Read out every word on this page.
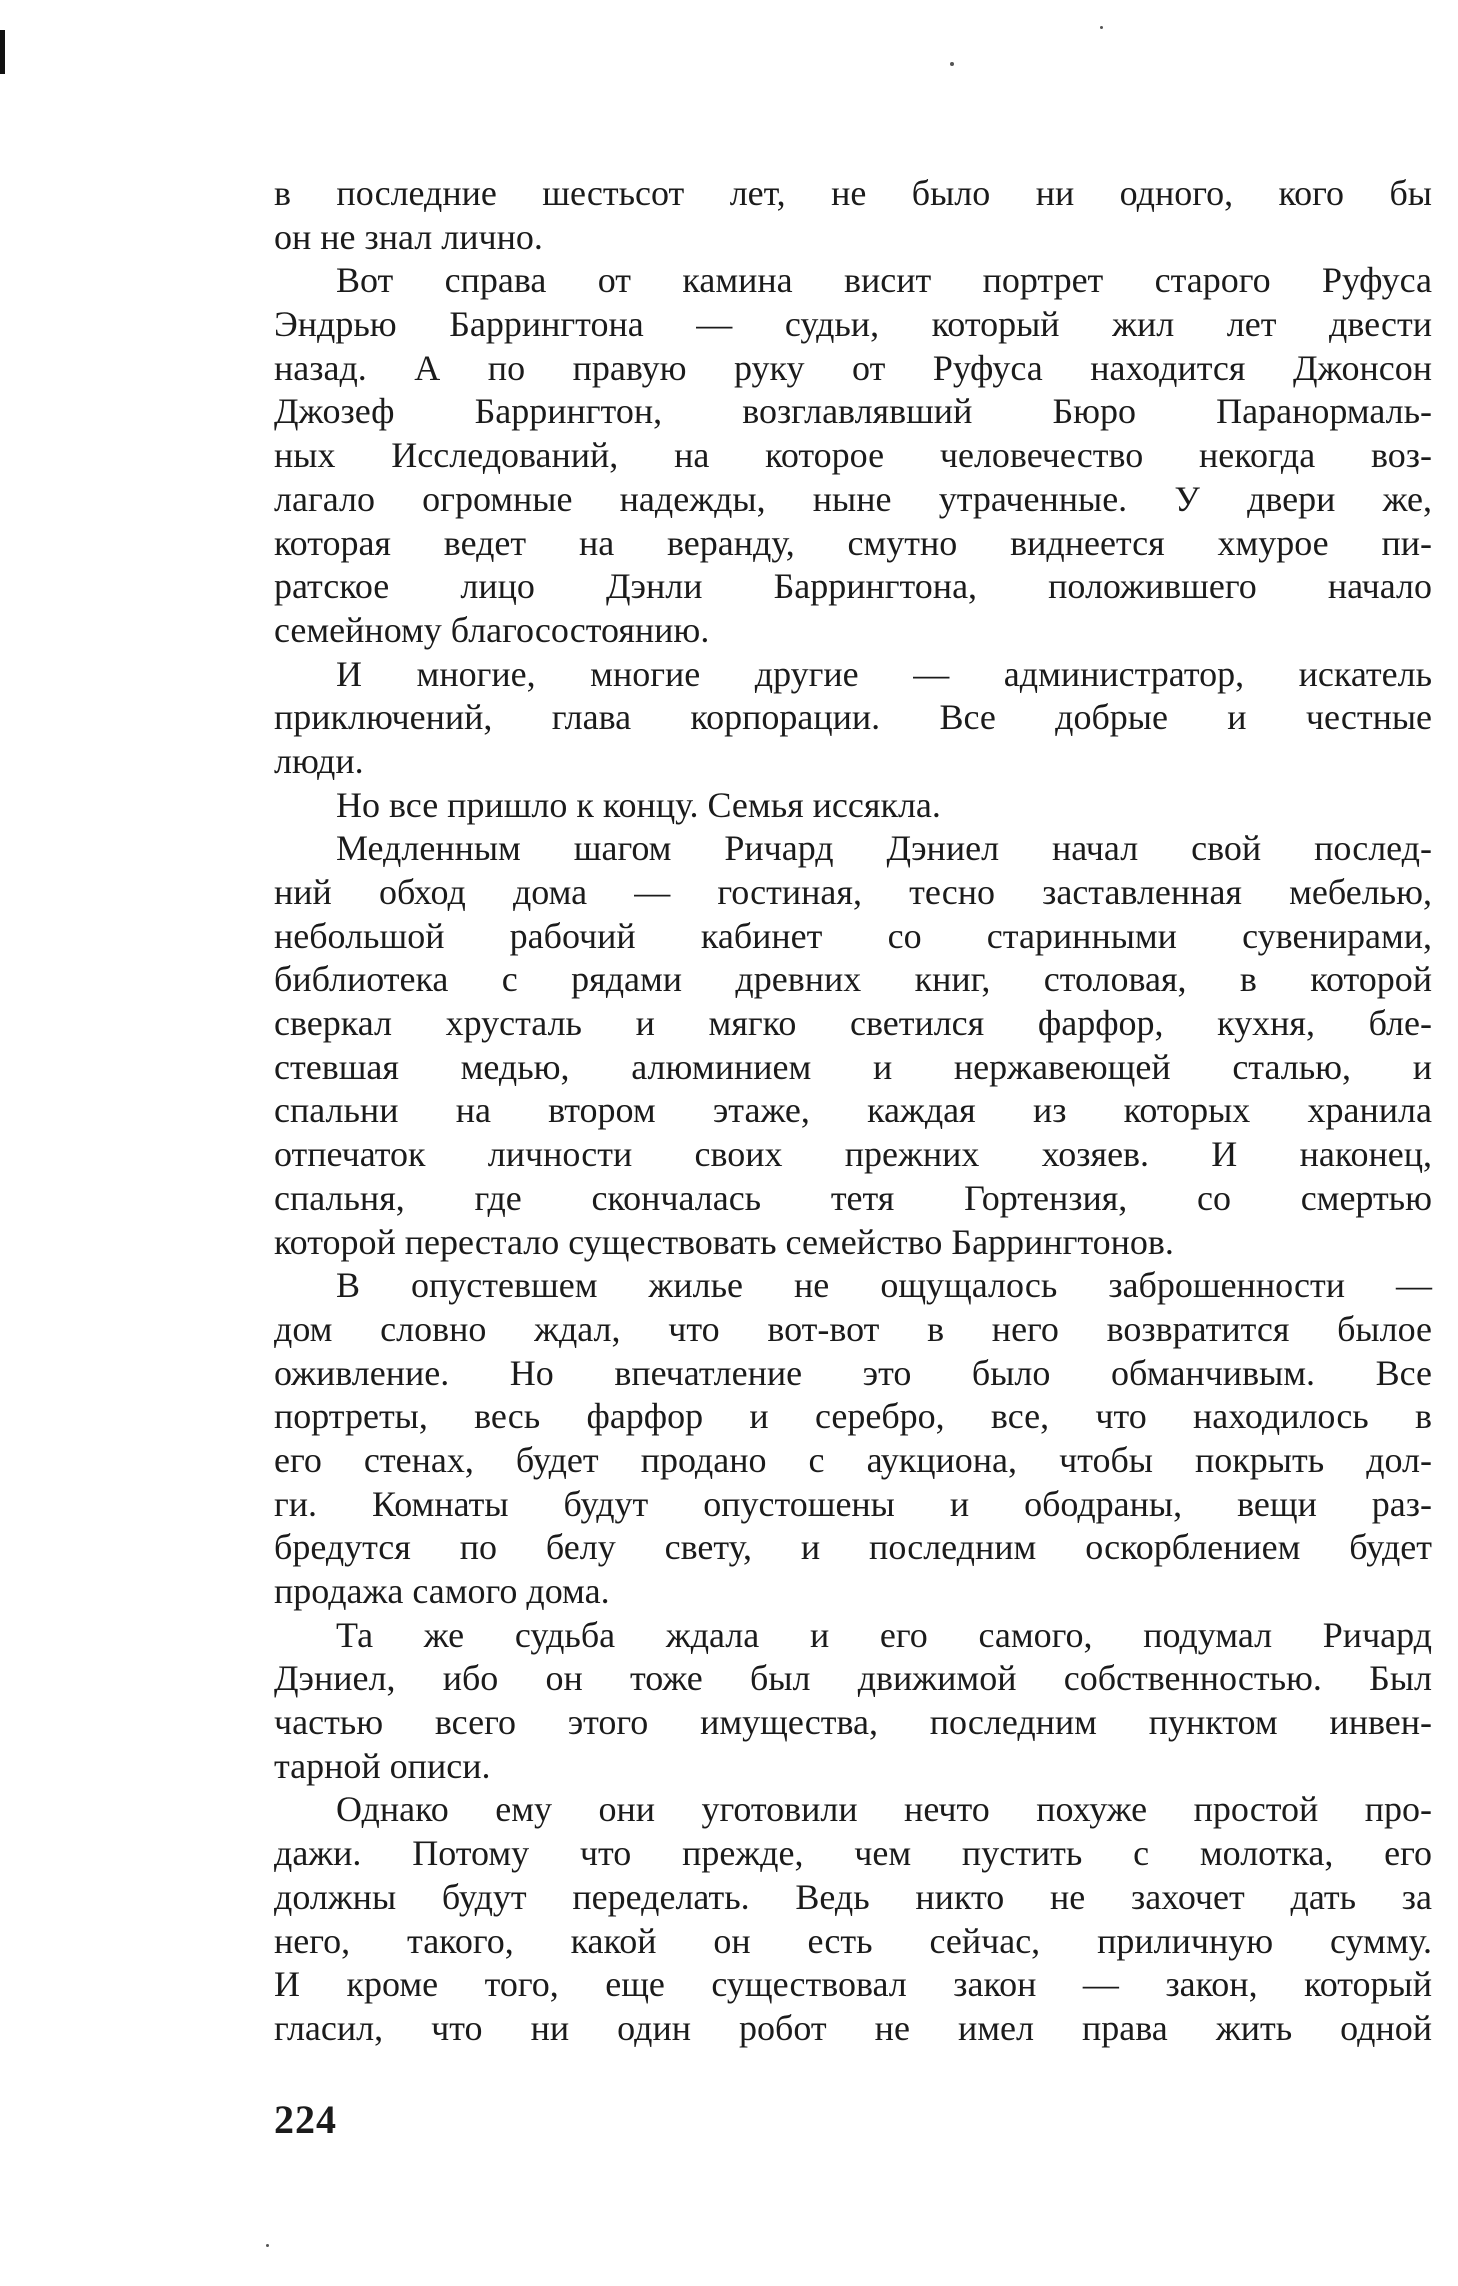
в последние шестьсот лет, не было ни одного, кого бы
он не знал лично.
Вот справа от камина висит портрет старого Руфуса
Эндрью Баррингтона — судьи, который жил лет двести
назад. А по правую руку от Руфуса находится Джонсон
Джозеф Баррингтон, возглавлявший Бюро Паранормаль-
ных Исследований, на которое человечество некогда воз-
лагало огромные надежды, ныне утраченные. У двери же,
которая ведет на веранду, смутно виднеется хмурое пи-
ратское лицо Дэнли Баррингтона, положившего начало
семейному благосостоянию.
И многие, многие другие — администратор, искатель
приключений, глава корпорации. Все добрые и честные
люди.
Но все пришло к концу. Семья иссякла.
Медленным шагом Ричард Дэниел начал свой послед-
ний обход дома — гостиная, тесно заставленная мебелью,
небольшой рабочий кабинет со старинными сувенирами,
библиотека с рядами древних книг, столовая, в которой
сверкал хрусталь и мягко светился фарфор, кухня, бле-
стевшая медью, алюминием и нержавеющей сталью, и
спальни на втором этаже, каждая из которых хранила
отпечаток личности своих прежних хозяев. И наконец,
спальня, где скончалась тетя Гортензия, со смертью
которой перестало существовать семейство Баррингтонов.
В опустевшем жилье не ощущалось заброшенности —
дом словно ждал, что вот-вот в него возвратится былое
оживление. Но впечатление это было обманчивым. Все
портреты, весь фарфор и серебро, все, что находилось в
его стенах, будет продано с аукциона, чтобы покрыть дол-
ги. Комнаты будут опустошены и ободраны, вещи раз-
бредутся по белу свету, и последним оскорблением будет
продажа самого дома.
Та же судьба ждала и его самого, подумал Ричард
Дэниел, ибо он тоже был движимой собственностью. Был
частью всего этого имущества, последним пунктом инвен-
тарной описи.
Однако ему они уготовили нечто похуже простой про-
дажи. Потому что прежде, чем пустить с молотка, его
должны будут переделать. Ведь никто не захочет дать за
него, такого, какой он есть сейчас, приличную сумму.
И кроме того, еще существовал закон — закон, который
гласил, что ни один робот не имел права жить одной
224
